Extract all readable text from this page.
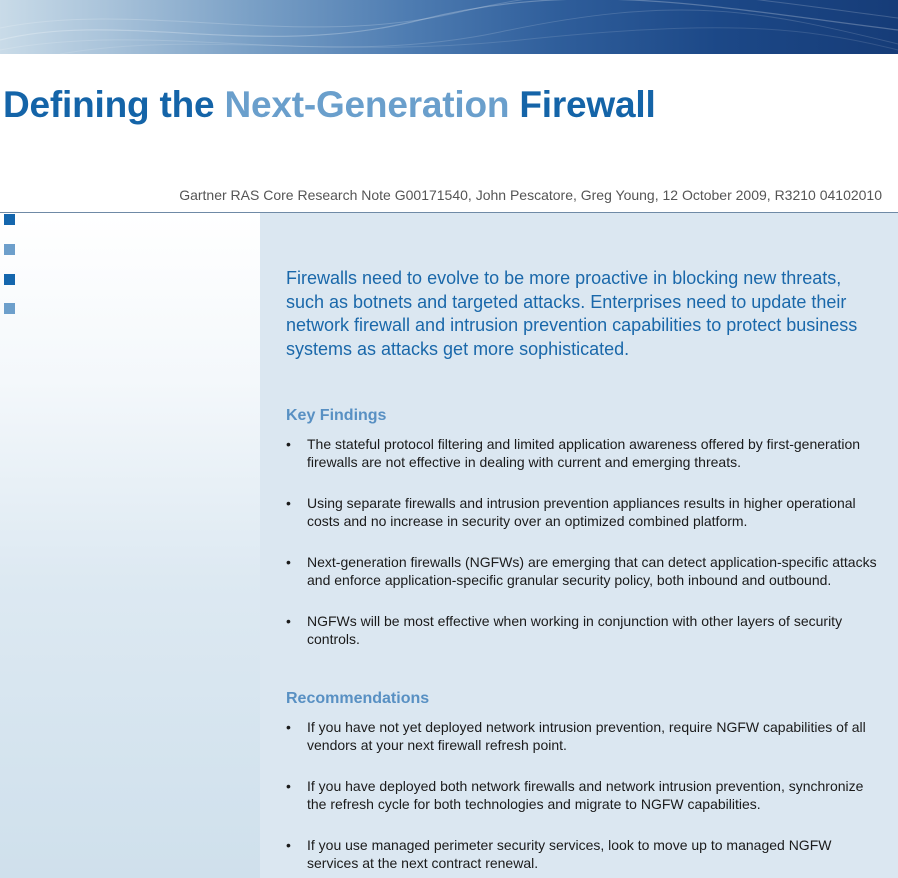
Defining the Next-Generation Firewall
Gartner RAS Core Research Note G00171540, John Pescatore, Greg Young, 12 October 2009, R3210 04102010

Firewalls need to evolve to be more proactive in blocking new threats, such as botnets and targeted attacks. Enterprises need to update their network firewall and intrusion prevention capabilities to protect business systems as attacks get more sophisticated.

Key Findings
• The stateful protocol filtering and limited application awareness offered by first-generation firewalls are not effective in dealing with current and emerging threats.
• Using separate firewalls and intrusion prevention appliances results in higher operational costs and no increase in security over an optimized combined platform.
• Next-generation firewalls (NGFWs) are emerging that can detect application-specific attacks and enforce application-specific granular security policy, both inbound and outbound.
• NGFWs will be most effective when working in conjunction with other layers of security controls.
Recommendations
• If you have not yet deployed network intrusion prevention, require NGFW capabilities of all vendors at your next firewall refresh point.
• If you have deployed both network firewalls and network intrusion prevention, synchronize the refresh cycle for both technologies and migrate to NGFW capabilities.
• If you use managed perimeter security services, look to move up to managed NGFW services at the next contract renewal.
